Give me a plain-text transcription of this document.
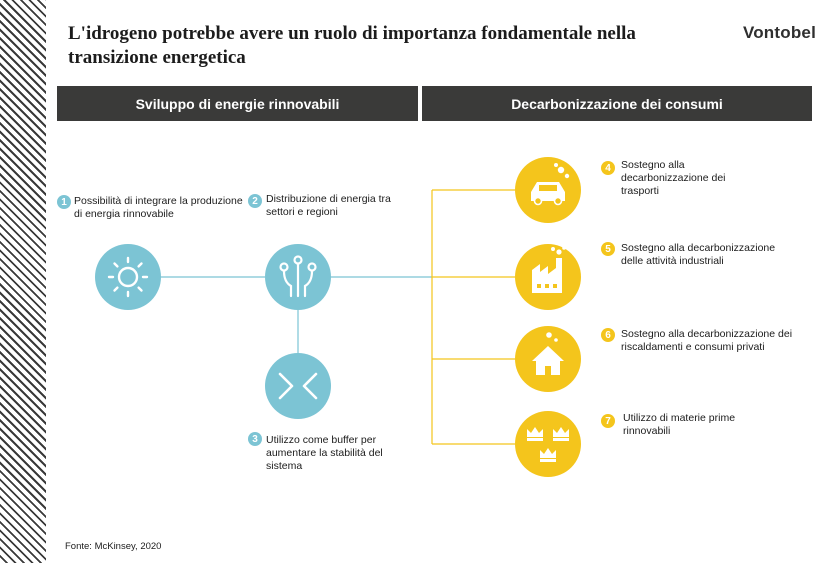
L'idrogeno potrebbe avere un ruolo di importanza fondamentale nella transizione energetica
Vontobel
Sviluppo di energie rinnovabili	Decarbonizzazione dei consumi
1 Possibilità di integrare la produzione di energia rinnovabile
2 Distribuzione di energia tra settori e regioni
3 Utilizzo come buffer per aumentare la stabilità del sistema
4 Sostegno alla decarbonizzazione dei trasporti
5 Sostegno alla decarbonizzazione delle attività industriali
6 Sostegno alla decarbonizzazione dei riscaldamenti e consumi privati
7	Utilizzo di materie prime rinnovabili
Fonte: McKinsey, 2020
